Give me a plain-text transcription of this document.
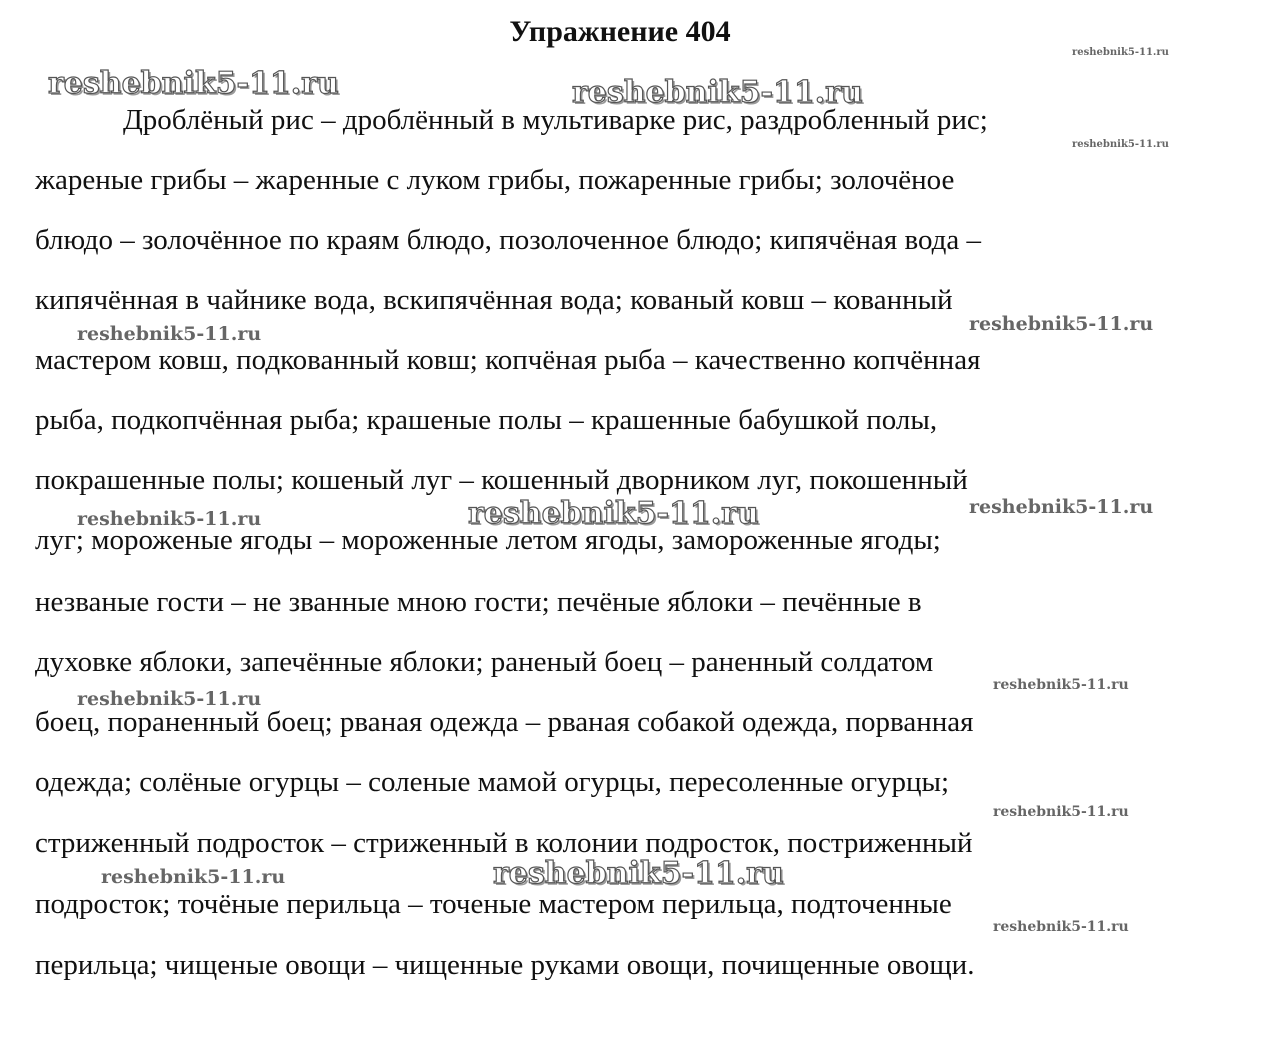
Упражнение 404
reshebnik5-11.ru
reshebnik5-11.ru	reshebnik5-11.ru
reshebnik5-11.ru
Дроблёный рис – дроблённый в мультиварке рис, раздробленный рис;
жареные грибы – жаренные с луком грибы, пожаренные грибы; золочёное
блюдо – золочённое по краям блюдо, позолоченное блюдо; кипячёная вода –
кипячённая в чайнике вода, вскипячённая вода; кованый ковш – кованный
мастером ковш, подкованный ковш; копчёная рыба – качественно копчённая
рыба, подкопчённая рыба; крашеные полы – крашенные бабушкой полы,
покрашенные полы; кошеный луг – кошенный дворником луг, покошенный
луг; мороженые ягоды – мороженные летом ягоды, замороженные ягоды;
незваные гости – не званные мною гости; печёные яблоки – печённые в
духовке яблоки, запечённые яблоки; раненый боец – раненный солдатом
боец, пораненный боец; рваная одежда – рваная собакой одежда, порванная
одежда; солёные огурцы – соленые мамой огурцы, пересоленные огурцы;
стриженный подросток – стриженный в колонии подросток, постриженный
подросток; точёные перильца – точеные мастером перильца, подточенные
перильца; чищеные овощи – чищенные руками овощи, почищенные овощи.
reshebnik5-11.ru	reshebnik5-11.ru
reshebnik5-11.ru	reshebnik5-11.ru	reshebnik5-11.ru
reshebnik5-11.ru
reshebnik5-11.ru
reshebnik5-11.ru
reshebnik5-11.ru	reshebnik5-11.ru
reshebnik5-11.ru
